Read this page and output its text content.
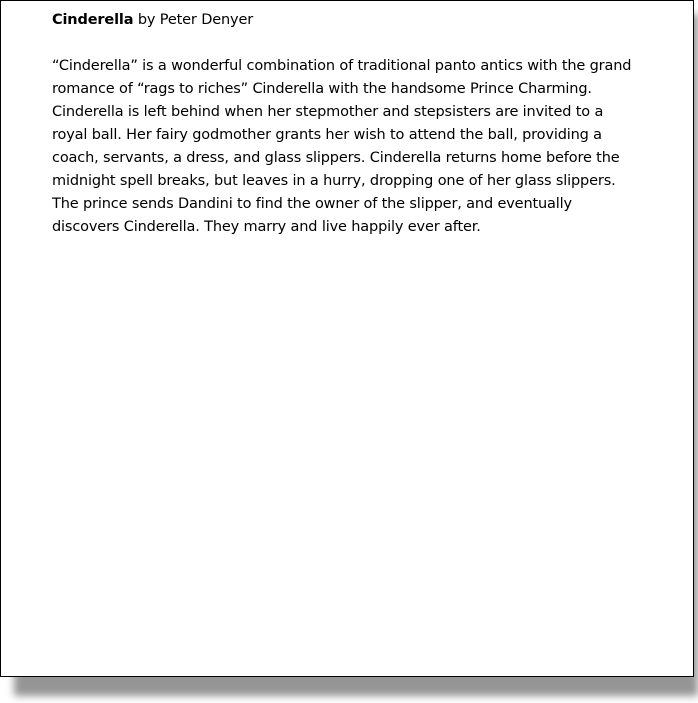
Cinderella by Peter Denyer

“Cinderella” is a wonderful combination of traditional panto antics with the grand
romance of “rags to riches” Cinderella with the handsome Prince Charming.
Cinderella is left behind when her stepmother and stepsisters are invited to a
royal ball. Her fairy godmother grants her wish to attend the ball, providing a
coach, servants, a dress, and glass slippers. Cinderella returns home before the
midnight spell breaks, but leaves in a hurry, dropping one of her glass slippers.
The prince sends Dandini to find the owner of the slipper, and eventually
discovers Cinderella. They marry and live happily ever after.
